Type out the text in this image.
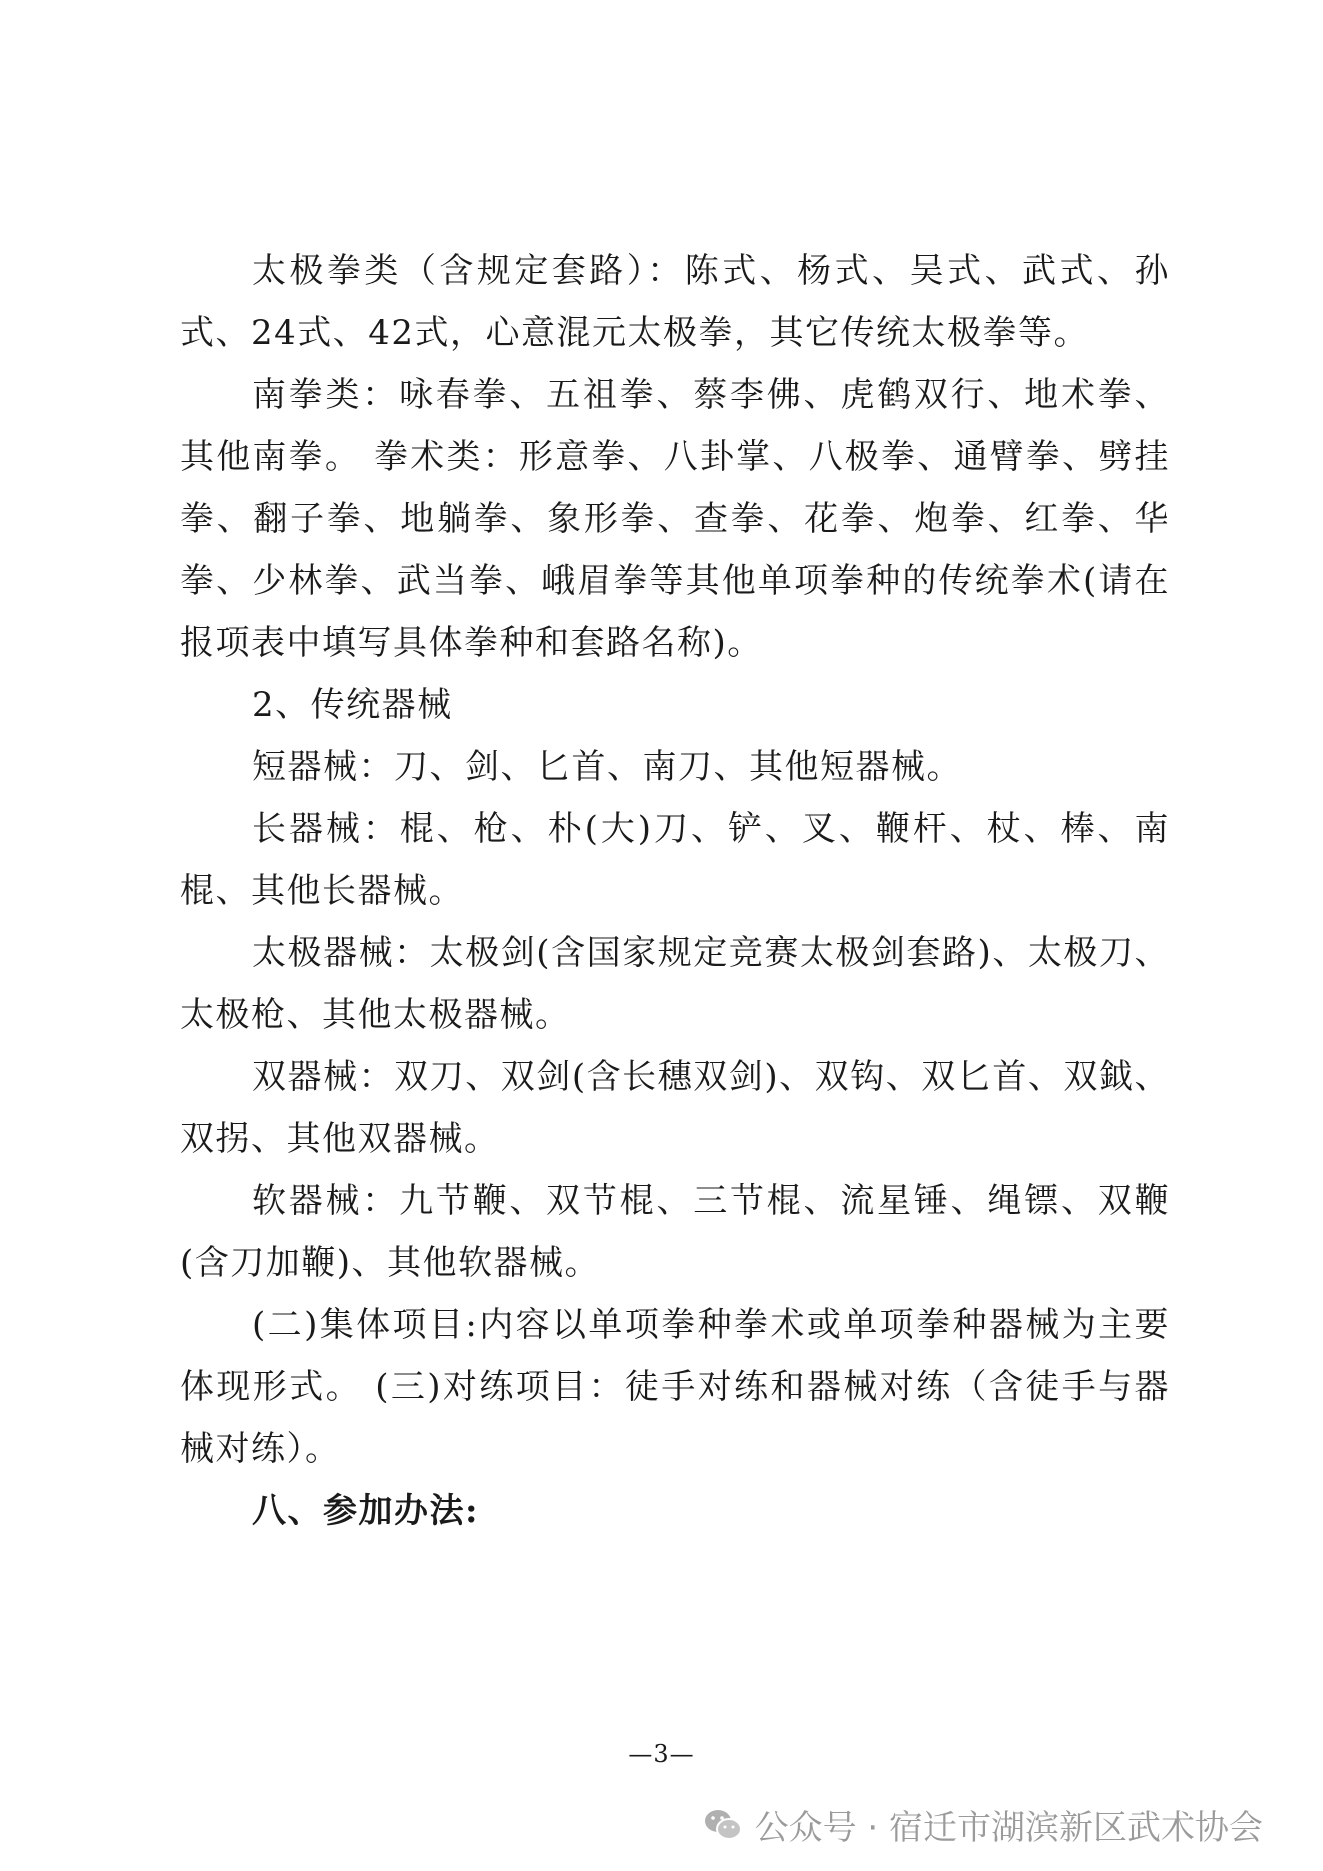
太极拳类（含规定套路）：陈式、杨式、吴式、武式、孙式、24式、42式，心意混元太极拳，其它传统太极拳等。

南拳类：咏春拳、五祖拳、蔡李佛、虎鹤双行、地术拳、其他南拳。 拳术类：形意拳、八卦掌、八极拳、通臂拳、劈挂拳、翻子拳、地躺拳、象形拳、查拳、花拳、炮拳、红拳、华拳、少林拳、武当拳、峨眉拳等其他单项拳种的传统拳术(请在报项表中填写具体拳种和套路名称)。

2、传统器械

短器械：刀、剑、匕首、南刀、其他短器械。

长器械：棍、枪、朴(大)刀、铲、叉、鞭杆、杖、棒、南棍、其他长器械。

太极器械：太极剑(含国家规定竞赛太极剑套路)、太极刀、太极枪、其他太极器械。

双器械：双刀、双剑(含长穗双剑)、双钩、双匕首、双鉞、双拐、其他双器械。

软器械：九节鞭、双节棍、三节棍、流星锤、绳镖、双鞭(含刀加鞭)、其他软器械。

(二)集体项目:内容以单项拳种拳术或单项拳种器械为主要体现形式。 (三)对练项目：徒手对练和器械对练（含徒手与器械对练）。

八、参加办法:

—3—
公众号 · 宿迁市湖滨新区武术协会
